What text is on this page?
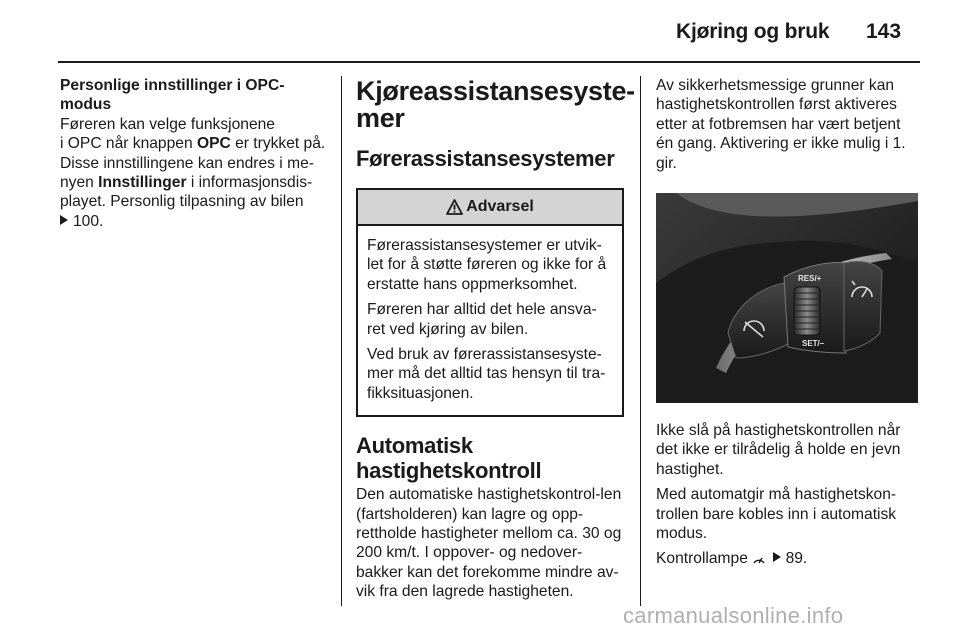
Kjøring og bruk 143

Personlige innstillinger i OPC-modus

Føreren kan velge funksjonene
i OPC når knappen OPC er trykket på. Disse innstillingene kan endres i me-
nyen Innstillinger i informasjonsdis-playet. Personlig tilpasning av bilen
100.

Kjøreassistansesyste-
mer
Førerassistansesystemer
Advarsel

Førerassistansesystemer er utvik-let for å støtte føreren og ikke for å erstatte hans oppmerksomhet.

Føreren har alltid det hele ansva-ret ved kjøring av bilen.

Ved bruk av førerassistansesyste-mer må det alltid tas hensyn til tra-fikksituasjonen.

Automatisk
hastighetskontroll

Den automatiske hastighetskontrol-len (fartsholderen) kan lagre og opp-rettholde hastigheter mellom ca. 30 og 200 km/t. I oppover- og nedover-bakker kan det forekomme mindre av-vik fra den lagrede hastigheten.

Av sikkerhetsmessige grunner kan hastighetskontrollen først aktiveres etter at fotbremsen har vært betjent én gang. Aktivering er ikke mulig i 1. gir.

RES/+
SET/–

Ikke slå på hastighetskontrollen når det ikke er tilrådelig å holde en jevn hastighet.

Med automatgir må hastighetskon-trollen bare kobles inn i automatisk modus.

Kontrollampe 89.

carmanualsonline.info
